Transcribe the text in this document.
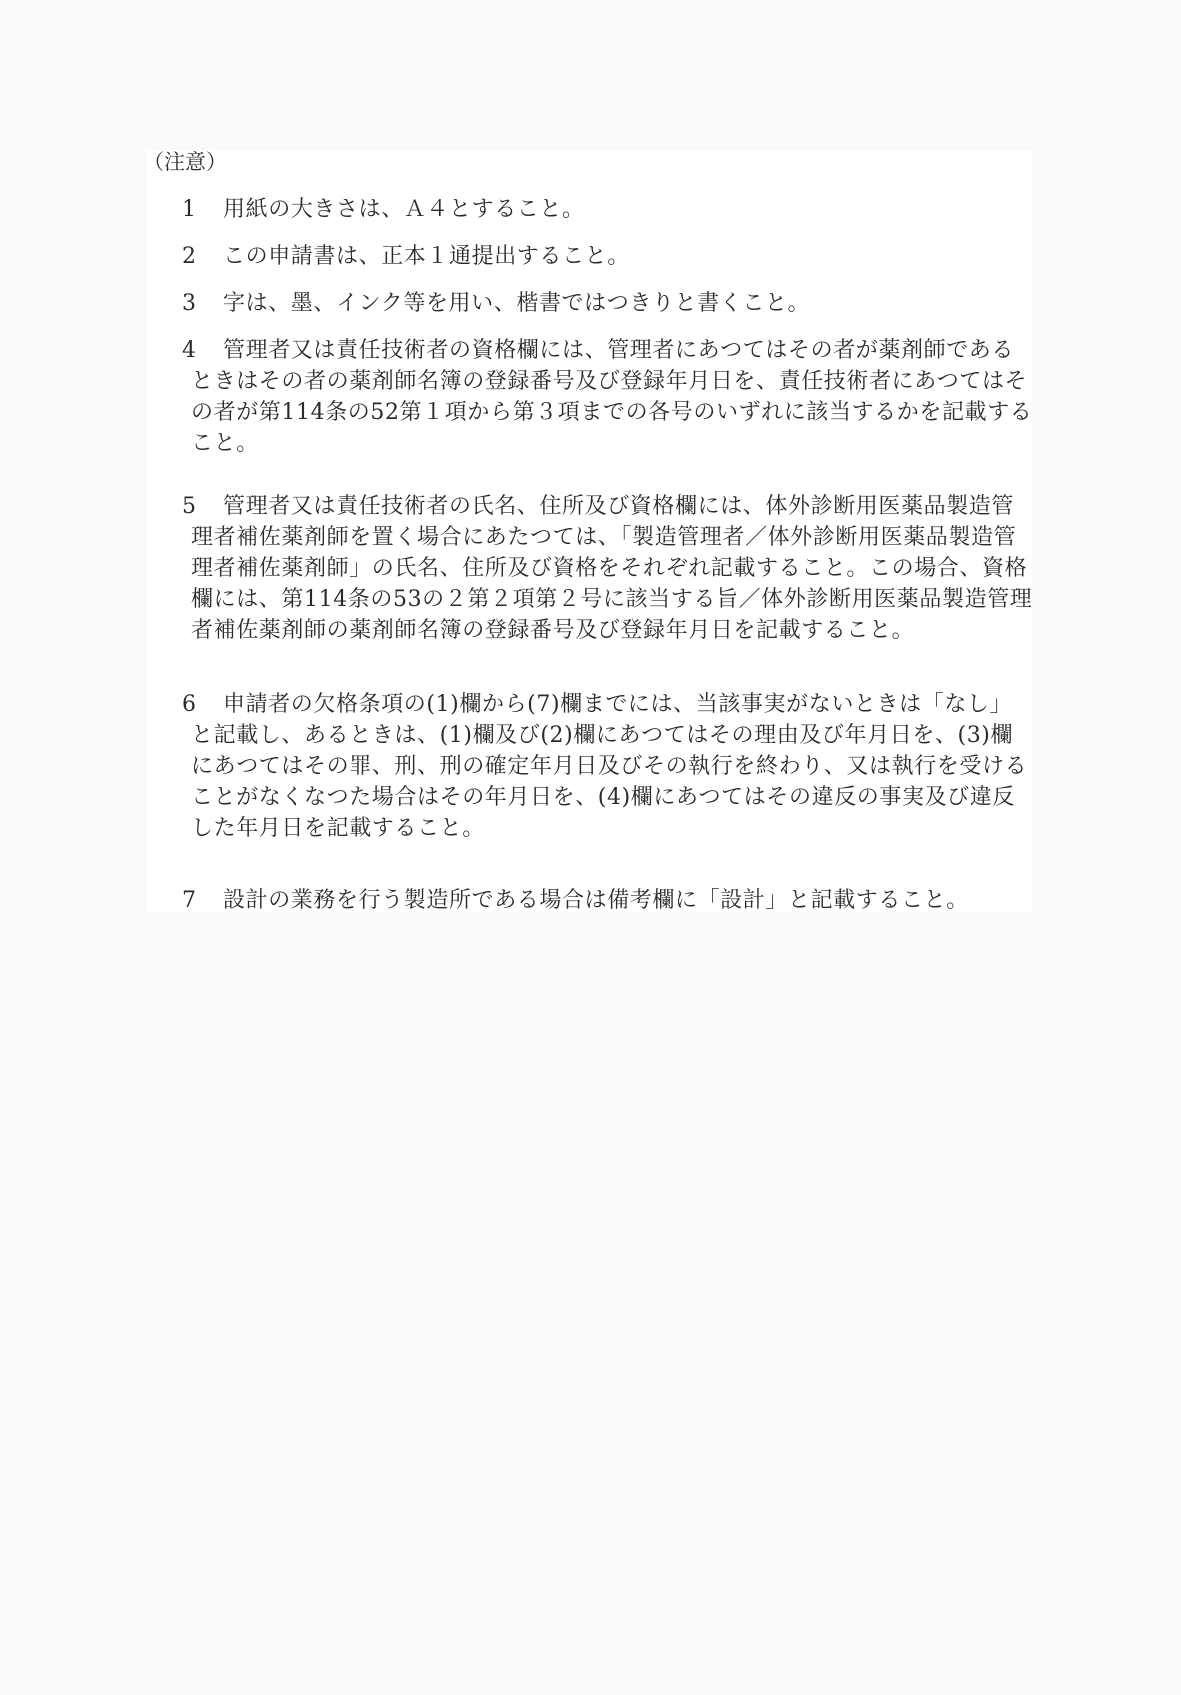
（注意）
1 用紙の大きさは、Ａ４とすること。
2 この申請書は、正本１通提出すること。
3 字は、墨、インク等を用い、楷書ではつきりと書くこと。
4 管理者又は責任技術者の資格欄には、管理者にあつてはその者が薬剤師である
ときはその者の薬剤師名簿の登録番号及び登録年月日を、責任技術者にあつてはそ
の者が第114条の52第１項から第３項までの各号のいずれに該当するかを記載する
こと。
5 管理者又は責任技術者の氏名、住所及び資格欄には、体外診断用医薬品製造管
理者補佐薬剤師を置く場合にあたつては、「製造管理者／体外診断用医薬品製造管
理者補佐薬剤師」の氏名、住所及び資格をそれぞれ記載すること。この場合、資格
欄には、第114条の53の２第２項第２号に該当する旨／体外診断用医薬品製造管理
者補佐薬剤師の薬剤師名簿の登録番号及び登録年月日を記載すること。
6 申請者の欠格条項の(1)欄から(7)欄までには、当該事実がないときは「なし」
と記載し、あるときは、(1)欄及び(2)欄にあつてはその理由及び年月日を、(3)欄
にあつてはその罪、刑、刑の確定年月日及びその執行を終わり、又は執行を受ける
ことがなくなつた場合はその年月日を、(4)欄にあつてはその違反の事実及び違反
した年月日を記載すること。
7 設計の業務を行う製造所である場合は備考欄に「設計」と記載すること。
